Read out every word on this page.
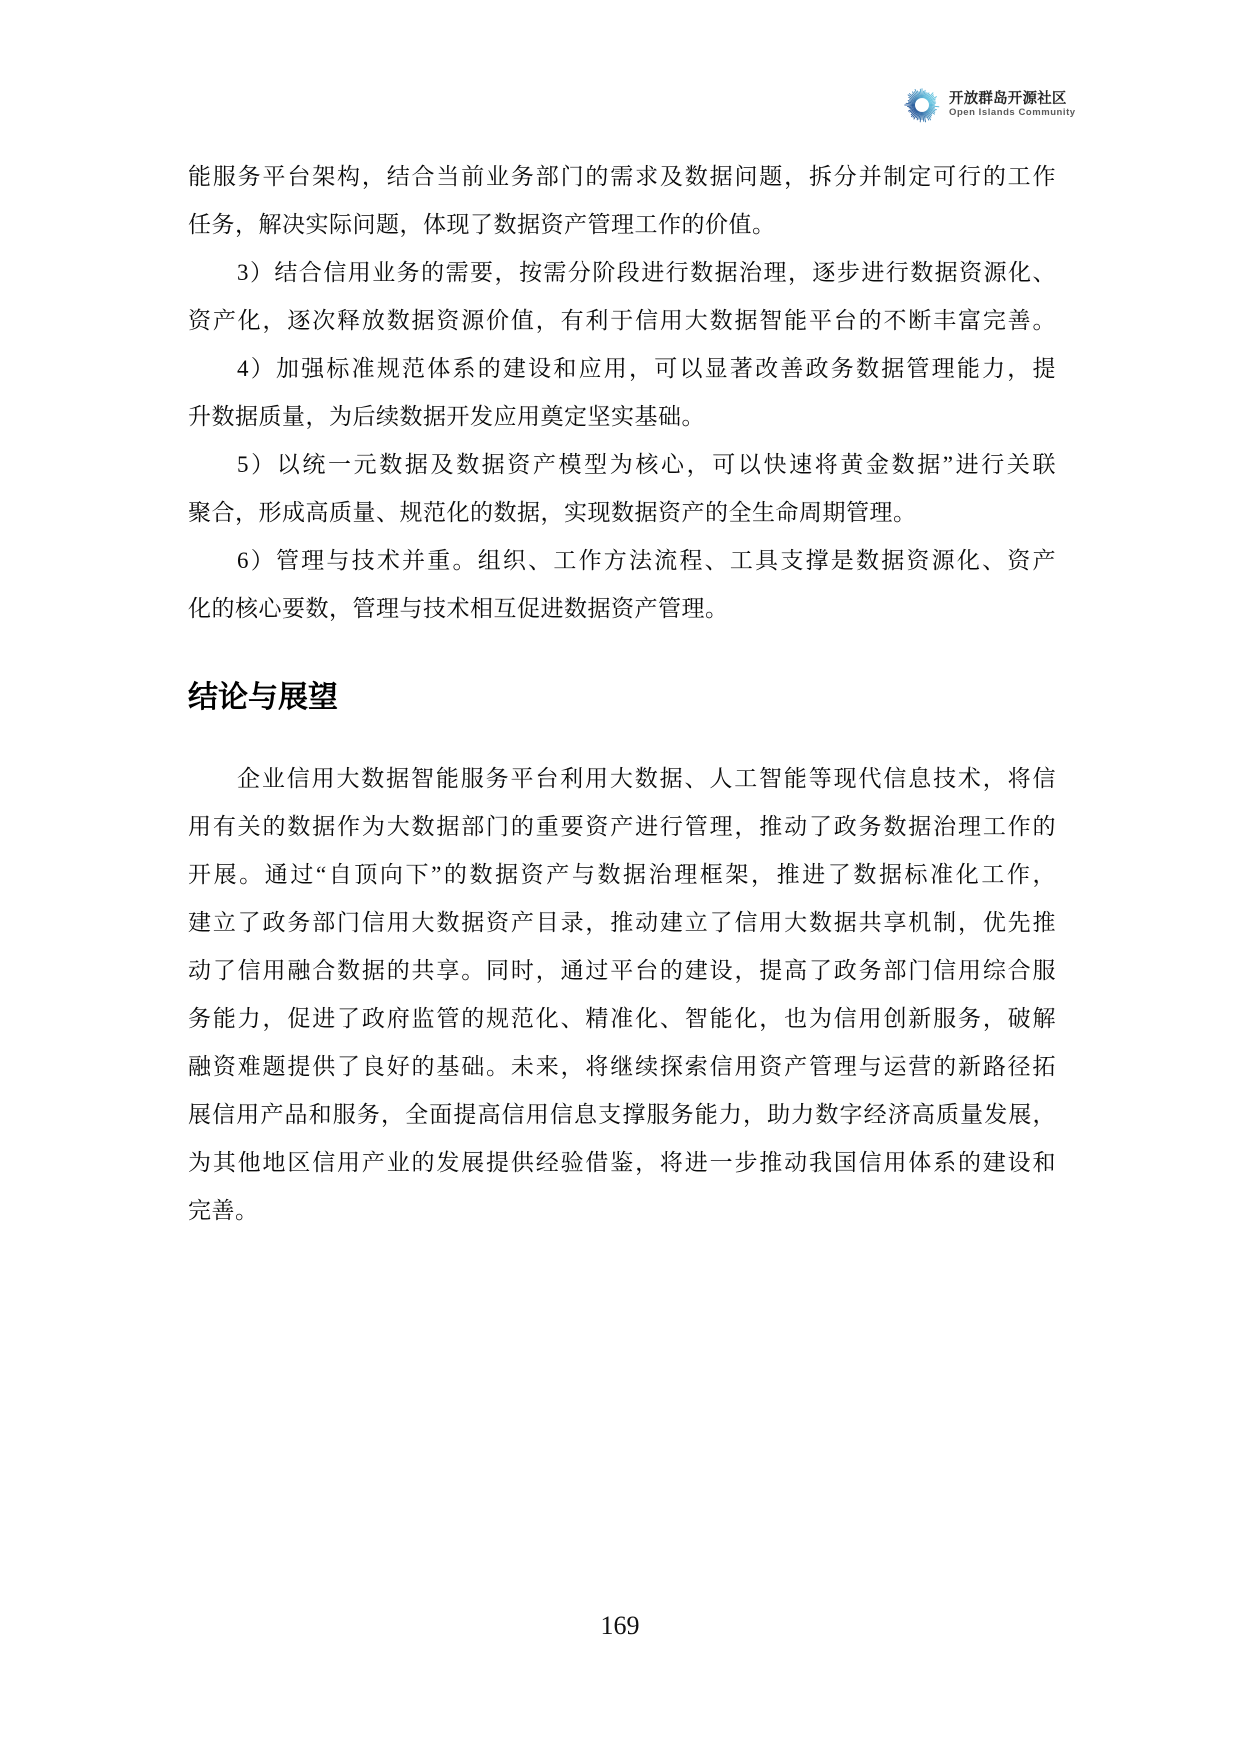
开放群岛开源社区
Open Islands Community
能服务平台架构，结合当前业务部门的需求及数据问题，拆分并制定可行的工作
任务，解决实际问题，体现了数据资产管理工作的价值。
3）结合信用业务的需要，按需分阶段进行数据治理，逐步进行数据资源化、
资产化，逐次释放数据资源价值，有利于信用大数据智能平台的不断丰富完善。
4）加强标准规范体系的建设和应用，可以显著改善政务数据管理能力，提
升数据质量，为后续数据开发应用奠定坚实基础。
5）以统一元数据及数据资产模型为核心，可以快速将黄金数据”进行关联
聚合，形成高质量、规范化的数据，实现数据资产的全生命周期管理。
6）管理与技术并重。组织、工作方法流程、工具支撑是数据资源化、资产
化的核心要数，管理与技术相互促进数据资产管理。
结论与展望
企业信用大数据智能服务平台利用大数据、人工智能等现代信息技术，将信
用有关的数据作为大数据部门的重要资产进行管理，推动了政务数据治理工作的
开展。通过“自顶向下”的数据资产与数据治理框架，推进了数据标准化工作，
建立了政务部门信用大数据资产目录，推动建立了信用大数据共享机制，优先推
动了信用融合数据的共享。同时，通过平台的建设，提高了政务部门信用综合服
务能力，促进了政府监管的规范化、精准化、智能化，也为信用创新服务，破解
融资难题提供了良好的基础。未来，将继续探索信用资产管理与运营的新路径拓
展信用产品和服务，全面提高信用信息支撑服务能力，助力数字经济高质量发展，
为其他地区信用产业的发展提供经验借鉴，将进一步推动我国信用体系的建设和
完善。
169
